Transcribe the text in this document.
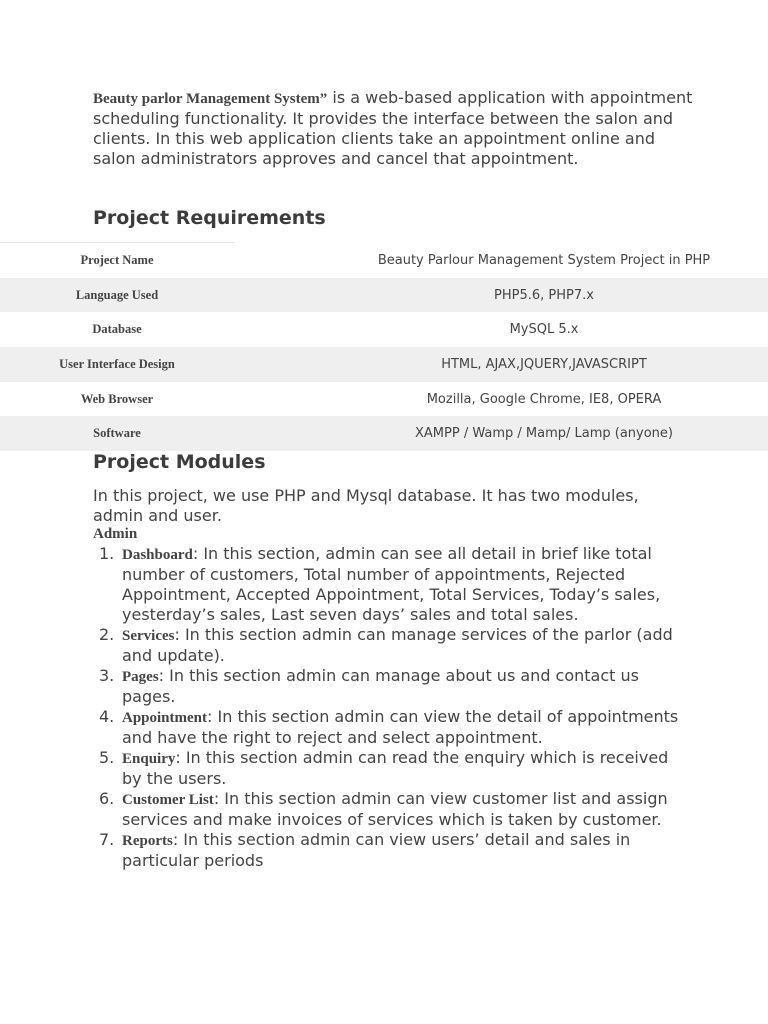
Beauty parlor Management System” is a web-based application with appointment scheduling functionality. It provides the interface between the salon and clients. In this web application clients take an appointment online and salon administrators approves and cancel that appointment.

Project Requirements
Project Name	Beauty Parlour Management System Project in PHP
Language Used	PHP5.6, PHP7.x
Database	MySQL 5.x
User Interface Design	HTML, AJAX,JQUERY,JAVASCRIPT
Web Browser	Mozilla, Google Chrome, IE8, OPERA
Software	XAMPP / Wamp / Mamp/ Lamp (anyone)
Project Modules

In this project, we use PHP and Mysql database. It has two modules, admin and user.

Admin
1. Dashboard: In this section, admin can see all detail in brief like total number of customers, Total number of appointments, Rejected Appointment, Accepted Appointment, Total Services, Today’s sales, yesterday’s sales, Last seven days’ sales and total sales.
2. Services: In this section admin can manage services of the parlor (add and update).
3. Pages: In this section admin can manage about us and contact us pages.
4. Appointment: In this section admin can view the detail of appointments and have the right to reject and select appointment.
5. Enquiry: In this section admin can read the enquiry which is received by the users.
6. Customer List: In this section admin can view customer list and assign services and make invoices of services which is taken by customer.
7. Reports: In this section admin can view users’ detail and sales in particular periods
